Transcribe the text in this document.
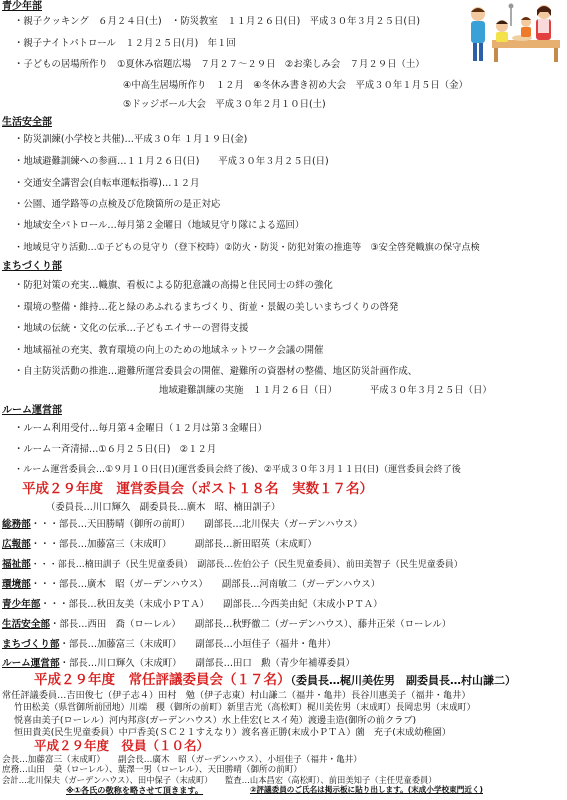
青少年部
・ 親子クッキング　６月２４日(土)　・防災教室　１１月２６日(日)　平成３０年３月２５日(日)
・ 親子ナイトパトロール　１２月２５日(月)　年１回
・ 子どもの居場所作り　①夏休み宿題広場　７月２７～２９日　②お楽しみ会　７月２９日（土）
④中高生居場所作り　１２月　④冬休み書き初め大会　平成３０年１月５日（金）
⑤ドッジボール大会　平成３０年２月１０日(土)
生活安全部
・ 防災訓練(小学校と共催)…平成３０年 １月１９日(金)
・ 地域避難訓練への参画…１１月２６日(日)　　平成３０年３月２５日(日)
・ 交通安全講習会(自転車運転指導)…１２月
・ 公園、通学路等の点検及び危険箇所の是正対応
・ 地域安全パトロール…毎月第２金曜日（地域見守り隊による巡回）
・ 地域見守り活動…①子どもの見守り（登下校時）②防火・防災・防犯対策の推進等　③安全啓発幟旗の保守点検
まちづくり部
・ 防犯対策の充実…幟旗、看板による防犯意識の高揚と住民同士の絆の強化
・ 環境の整備・維持…花と緑のあふれるまちづくり、街並・景観の美しいまちづくりの啓発
・ 地域の伝統・文化の伝承…子どもエイサーの習得支援
・ 地域福祉の充実、教育環境の向上のための地域ネットワーク会議の開催
・ 自主防災活動の推進…避難所運営委員会の開催、避難所の資器材の整備、地区防災計画作成、
地域避難訓練の実施　１１月２６日（日）　　　　平成３０年３月２５日（日）
ルーム運営部
・ ルーム利用受付…毎月第４金曜日（１２月は第３金曜日）
・ ルーム一斉清掃…①６月２５日(日)　②１２月
・ ルーム運営委員会…①９月１０日(日)(運営委員会終了後)、②平成３０年３月１１日(日)（運営委員会終了後
平成２９年度　運営委員会（ポスト１８名　実数１７名）
（委員長…川口輝久　副委員長…廣木　昭、楠田訓子）
総務部・・・部長…天田勝晴（御所の前町）　　副部長…北川保夫（ガーデンハウス）
広報部・・・部長…加藤富三（末成町）　　　副部長…新田昭英（末成町）
福祉部・・・部長…楠田訓子（民生児童委員）　副部長…佐伯公子（民生児童委員）、前田美智子（民生児童委員）
環境部・・・部長…廣木　昭（ガーデンハウス）　　副部長…河南敏二（ガーデンハウス）
青少年部・・・部長…秋田友美（末成小ＰＴＡ）　　副部長…今西美由紀（末成小ＰＴＡ）
生活安全部・部長…西田　喬（ローレル）　　副部長…秋野徹二（ガーデンハウス）、藤井正栄（ローレル）
まちづくり部・部長…加藤富三（末成町）　　副部長…小垣佳子（福井・亀井）
ルーム運営部・部長…川口輝久（末成町）　　副部長…田口　勲（青少年補導委員）
平成２９年度　常任評議委員会（１７名）（委員長…梶川美佐男　副委員長…村山謙二）
常任評議委員…吉田俊七（伊子志４）田村　勉（伊子志東）村山謙二（福井・亀井）長谷川惠美子（福井・亀井）
竹田松美（県営御所前団地）川端　稷（御所の前町）新里吉光（高松町）梶川美佐男（末成町）長岡忠男（末成町）
悦喜由美子(ローレル）河内邦彦(ガーデンハウス）水上佳宏(ヒスイ苑）渡邊圭造(御所の前クラブ)
恒田貴美(民生児童委員）中戸香美(ＳＣ２１すえなり）渡名喜正勝(末成小ＰＴＡ）薗　充子(末成幼稚園）
平成２９年度　役員（１０名）
会長…加藤富三（末成町）　　副会長…廣木　昭（ガーデンハウス）、小垣佳子（福井・亀井）
庶務…山田　榮（ローレル）、葉澤一男（ローレル）、天田勝晴（御所の前町）
会計…北川保夫（ガーデンハウス）、田中保子（末成町）　　監査…山本昌宏（高松町）、前田美知子（主任児童委員）
※①各氏の敬称を略させて頂きます。	②評議委員のご氏名は掲示板に貼り出します。(末成小学校東門近く)
